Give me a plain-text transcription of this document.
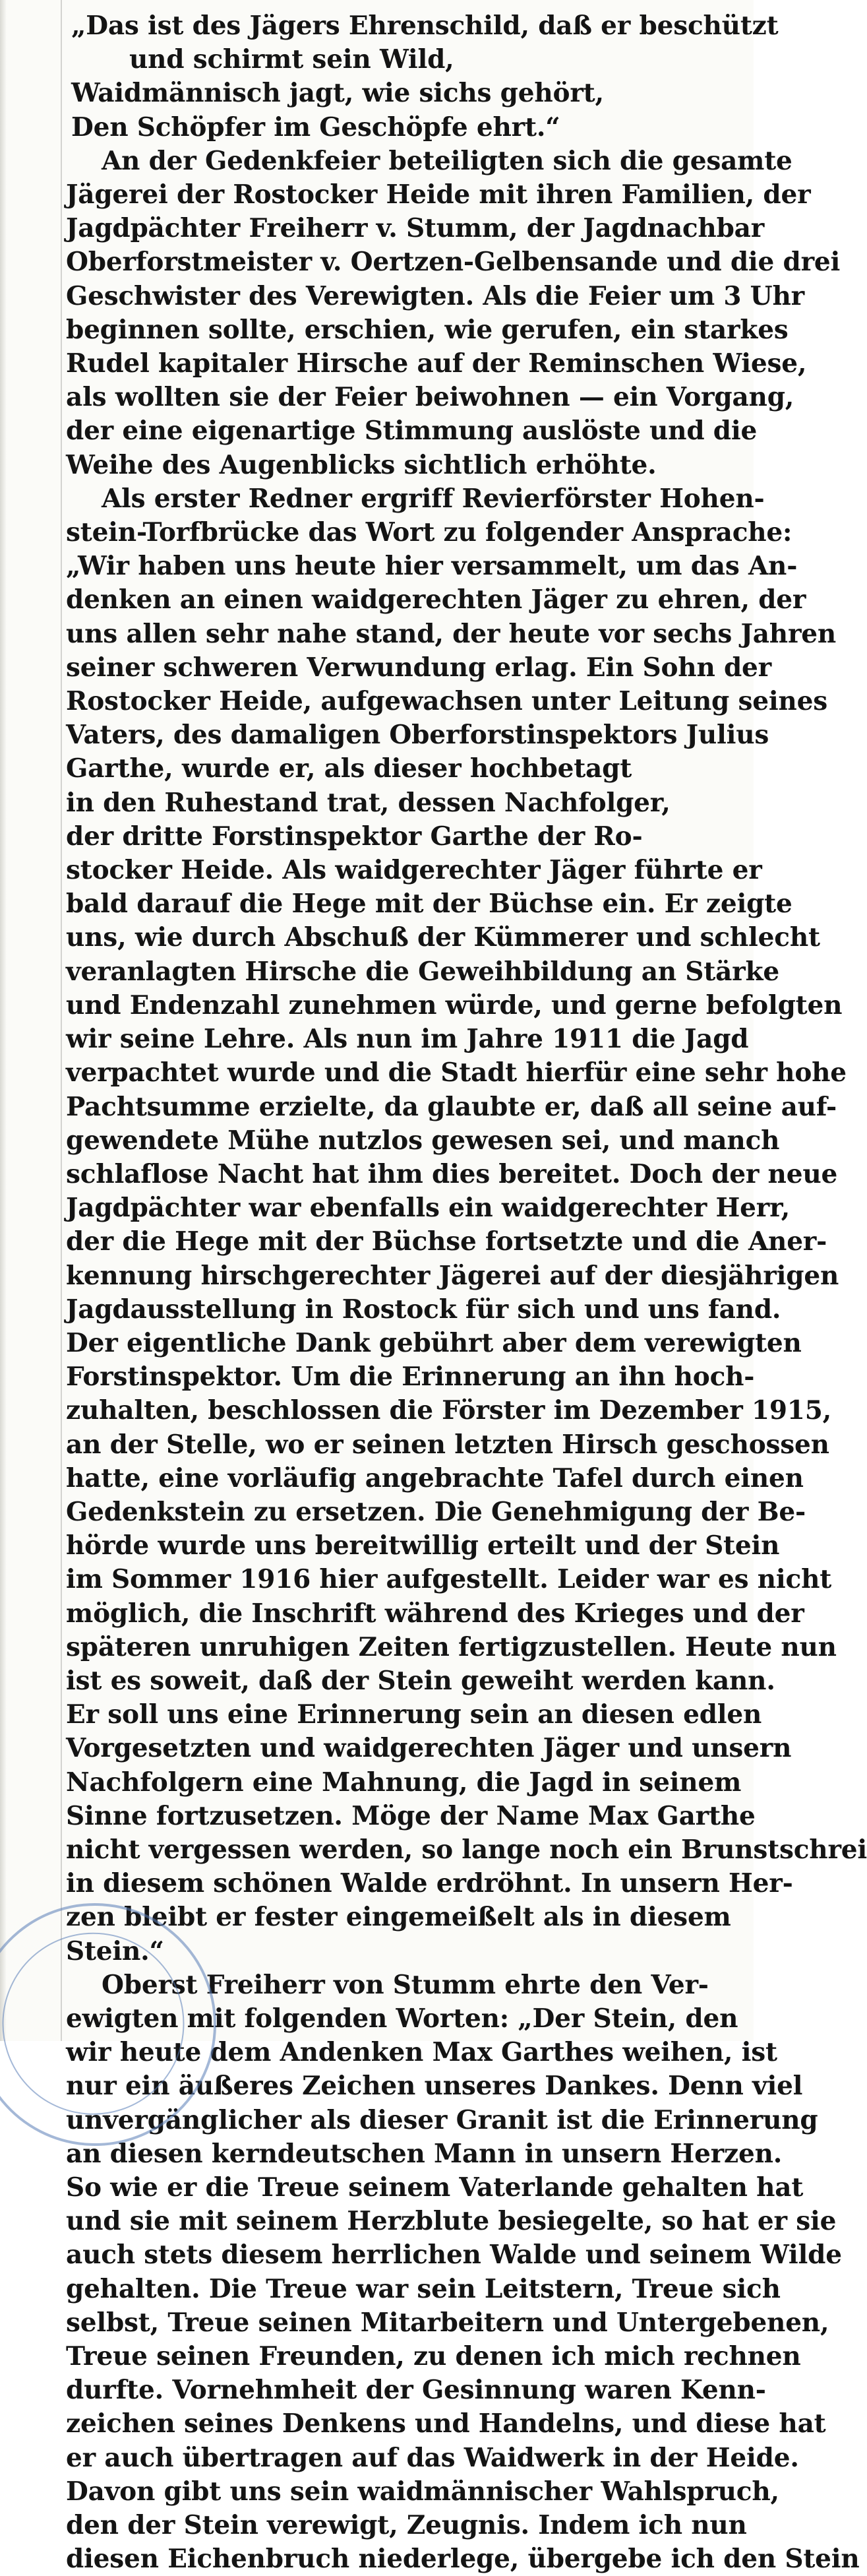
„Das ist des Jägers Ehrenschild, daß er beschützt
und schirmt sein Wild,
Waidmännisch jagt, wie sichs gehört,
Den Schöpfer im Geschöpfe ehrt.“
An der Gedenkfeier beteiligten sich die gesamte
Jägerei der Rostocker Heide mit ihren Familien, der
Jagdpächter Freiherr v. Stumm, der Jagdnachbar
Oberforstmeister v. Oertzen-Gelbensande und die drei
Geschwister des Verewigten. Als die Feier um 3 Uhr
beginnen sollte, erschien, wie gerufen, ein starkes
Rudel kapitaler Hirsche auf der Reminschen Wiese,
als wollten sie der Feier beiwohnen — ein Vorgang,
der eine eigenartige Stimmung auslöste und die
Weihe des Augenblicks sichtlich erhöhte.
Als erster Redner ergriff Revierförster Hohen-
stein-Torfbrücke das Wort zu folgender Ansprache:
„Wir haben uns heute hier versammelt, um das An-
denken an einen waidgerechten Jäger zu ehren, der
uns allen sehr nahe stand, der heute vor sechs Jahren
seiner schweren Verwundung erlag. Ein Sohn der
Rostocker Heide, aufgewachsen unter Leitung seines
Vaters, des damaligen Oberforstinspektors Julius
Garthe, wurde er, als dieser hochbetagt
in den Ruhestand trat, dessen Nachfolger,
der dritte Forstinspektor Garthe der Ro-
stocker Heide. Als waidgerechter Jäger führte er
bald darauf die Hege mit der Büchse ein. Er zeigte
uns, wie durch Abschuß der Kümmerer und schlecht
veranlagten Hirsche die Geweihbildung an Stärke
und Endenzahl zunehmen würde, und gerne befolgten
wir seine Lehre. Als nun im Jahre 1911 die Jagd
verpachtet wurde und die Stadt hierfür eine sehr hohe
Pachtsumme erzielte, da glaubte er, daß all seine auf-
gewendete Mühe nutzlos gewesen sei, und manch
schlaflose Nacht hat ihm dies bereitet. Doch der neue
Jagdpächter war ebenfalls ein waidgerechter Herr,
der die Hege mit der Büchse fortsetzte und die Aner-
kennung hirschgerechter Jägerei auf der diesjährigen
Jagdausstellung in Rostock für sich und uns fand.
Der eigentliche Dank gebührt aber dem verewigten
Forstinspektor. Um die Erinnerung an ihn hoch-
zuhalten, beschlossen die Förster im Dezember 1915,
an der Stelle, wo er seinen letzten Hirsch geschossen
hatte, eine vorläufig angebrachte Tafel durch einen
Gedenkstein zu ersetzen. Die Genehmigung der Be-
hörde wurde uns bereitwillig erteilt und der Stein
im Sommer 1916 hier aufgestellt. Leider war es nicht
möglich, die Inschrift während des Krieges und der
späteren unruhigen Zeiten fertigzustellen. Heute nun
ist es soweit, daß der Stein geweiht werden kann.
Er soll uns eine Erinnerung sein an diesen edlen
Vorgesetzten und waidgerechten Jäger und unsern
Nachfolgern eine Mahnung, die Jagd in seinem
Sinne fortzusetzen. Möge der Name Max Garthe
nicht vergessen werden, so lange noch ein Brunstschrei
in diesem schönen Walde erdröhnt. In unsern Her-
zen bleibt er fester eingemeißelt als in diesem
Stein.“
Oberst Freiherr von Stumm ehrte den Ver-
ewigten mit folgenden Worten: „Der Stein, den
wir heute dem Andenken Max Garthes weihen, ist
nur ein äußeres Zeichen unseres Dankes. Denn viel
unvergänglicher als dieser Granit ist die Erinnerung
an diesen kerndeutschen Mann in unsern Herzen.
So wie er die Treue seinem Vaterlande gehalten hat
und sie mit seinem Herzblute besiegelte, so hat er sie
auch stets diesem herrlichen Walde und seinem Wilde
gehalten. Die Treue war sein Leitstern, Treue sich
selbst, Treue seinen Mitarbeitern und Untergebenen,
Treue seinen Freunden, zu denen ich mich rechnen
durfte. Vornehmheit der Gesinnung waren Kenn-
zeichen seines Denkens und Handelns, und diese hat
er auch übertragen auf das Waidwerk in der Heide.
Davon gibt uns sein waidmännischer Wahlspruch,
den der Stein verewigt, Zeugnis. Indem ich nun
diesen Eichenbruch niederlege, übergebe ich den Stein
